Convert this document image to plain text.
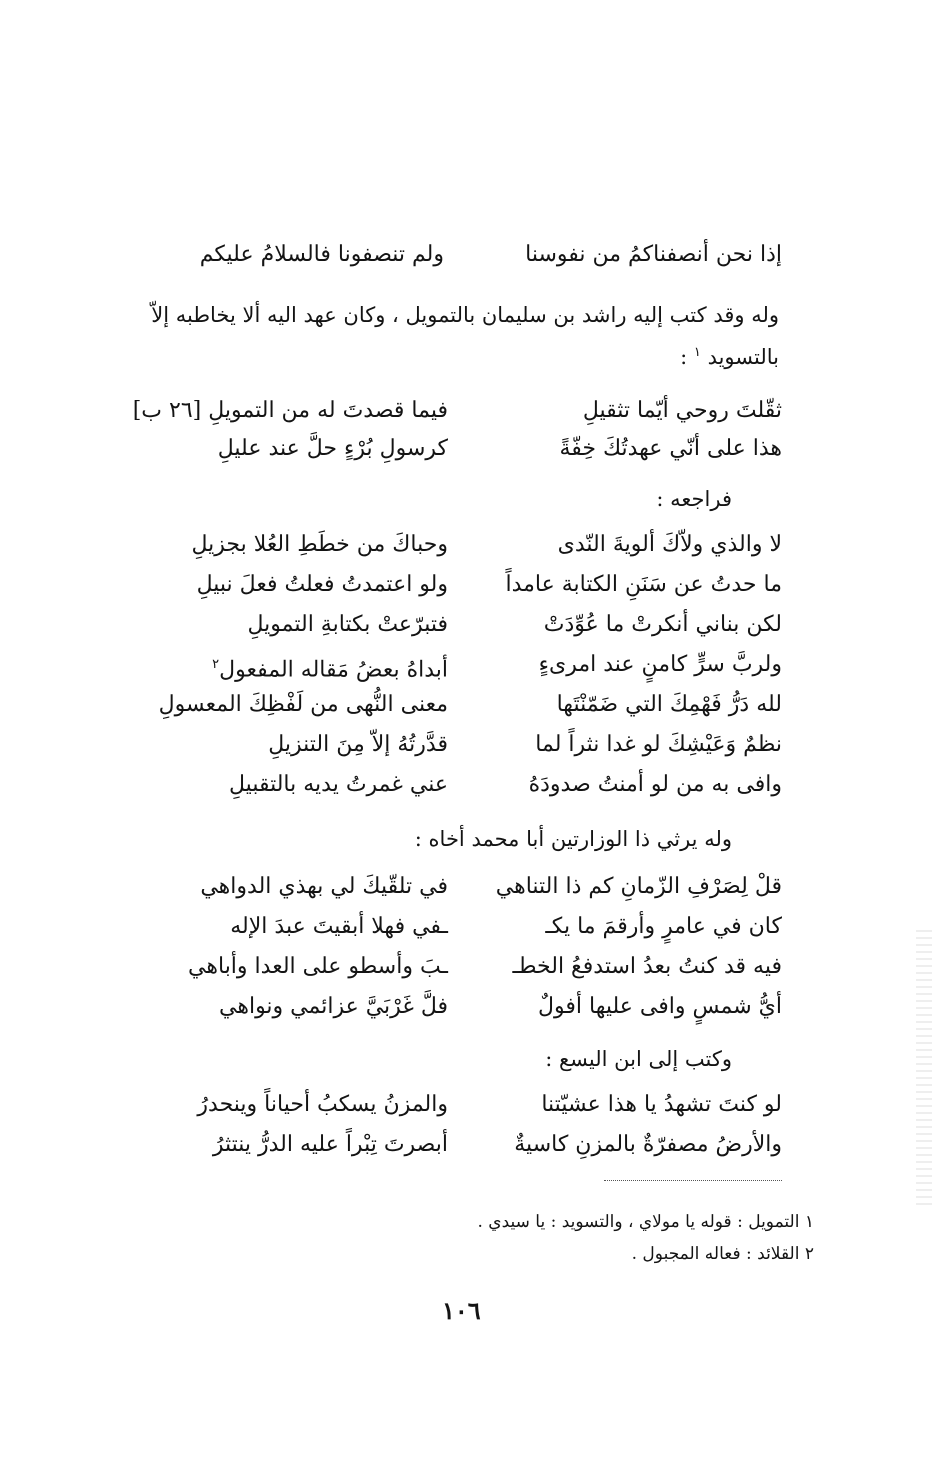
إذا نحن أنصفناكمُ من نفوسنا
ولم تنصفونا فالسلامُ عليكم
وله وقد كتب إليه راشد بن سليمان بالتمويل ، وكان عهد اليه ألا يخاطبه إلاّ
بالتسويد $^١$ :
ثقّلتَ روحي أيّما تثقيلِ
فيما قصدتَ له من التمويلِ [٢٦ ب]
هذا على أنّي عهدتُكَ خِفّةً
كرسولِ بُرْءٍ حلَّ عند عليلِ
فراجعه :
لا والذي ولاّكَ ألويةَ النّدى
وحباكَ من خطَطِ العُلا بجزيلِ
ما حدتُ عن سَنَنِ الكتابة عامداً
ولو اعتمدتُ فعلتُ فعلَ نبيلِ
لكن بناني أنكرتْ ما عُوِّدَتْ
فتبرّعتْ بكتابةِ التمويلِ
ولربَّ سرٍّ كامنٍ عند امرىءٍ
أبداهُ بعضُ مَقاله المفعول$^٢$
لله دَرُّ فَهْمِكَ التي ضَمّنْتَها
معنى النُّهى من لَفْظِكَ المعسولِ
نظمٌ وَعَيْشِكَ لو غدا نثراً لما
قدَّرتُهُ إلاّ مِنَ التنزيلِ
وافى به من لو أمنتُ صدودَهُ
عني غمرتُ يديه بالتقبيلِ
وله يرثي ذا الوزارتين أبا محمد أخاه :
قلْ لِصَرْفِ الزّمانِ كم ذا التناهي
في تلقّيكَ لي بهذي الدواهي
كان في عامرٍ وأرقمَ ما يكـ
ـفي فهلا أبقيتَ عبدَ الإله
فيه قد كنتُ بعدُ استدفعُ الخطـ
ـبَ وأسطو على العدا وأباهي
أيُّ شمسٍ وافى عليها أفولٌ
فلَّ غَرْبَيَّ عزائمي ونواهي
وكتب إلى ابن اليسع :
لو كنتَ تشهدُ يا هذا عشيّتنا
والمزنُ يسكبُ أحياناً وينحدرُ
والأرضُ مصفرّةٌ بالمزنِ كاسيةٌ
أبصرتَ تِبْراً عليه الدرُّ ينتثرُ
١ التمويل : قوله يا مولاي ، والتسويد : يا سيدي .
٢ القلائد : فعاله المجبول .
١٠٦
